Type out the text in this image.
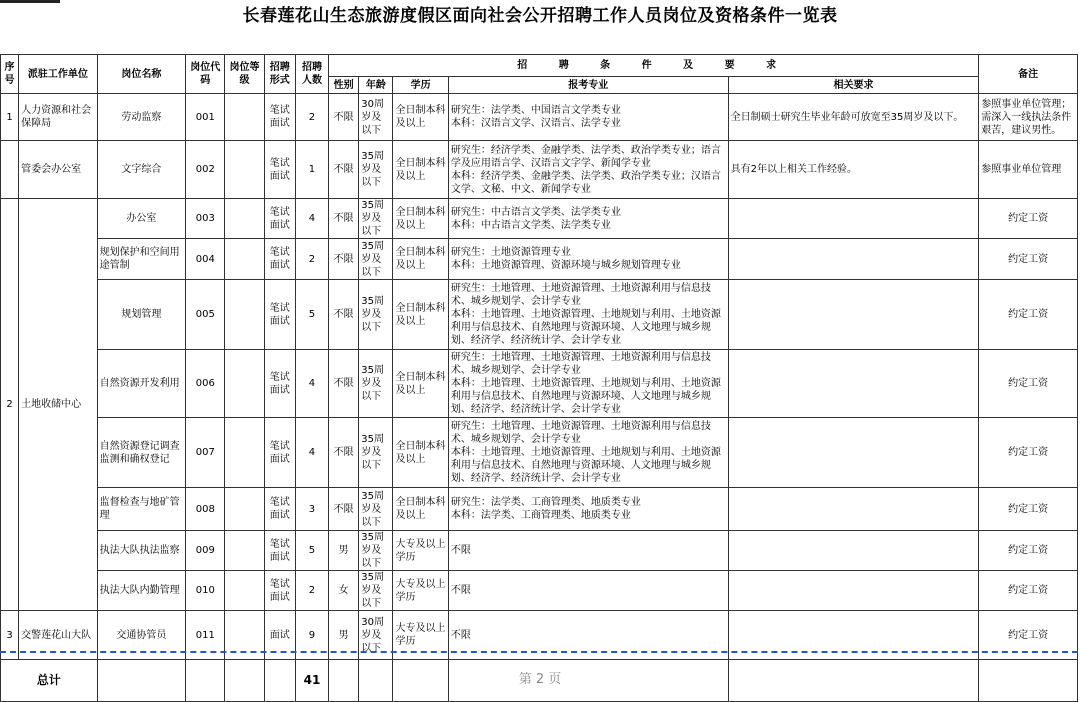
长春莲花山生态旅游度假区面向社会公开招聘工作人员岗位及资格条件一览表
序号	派驻工作单位	岗位名称	岗位代码	岗位等级	招聘形式	招聘人数	招 聘 条 件 及 要 求					备注
							性别	年龄	学历	报考专业	相关要求	
1	人力资源和社会保障局	劳动监察	001		笔试面试	2	不限	30周岁及以下	全日制本科及以上	研究生：法学类、中国语言文学类专业
本科：汉语言文学、汉语言、法学专业	全日制硕士研究生毕业年龄可放宽至35周岁及以下。	参照事业单位管理；需深入一线执法条件艰苦，建议男性。
	管委会办公室	文字综合	002		笔试面试	1	不限	35周岁及以下	全日制本科及以上	研究生：经济学类、金融学类、法学类、政治学类专业；语言学及应用语言学、汉语言文字学、新闻学专业
本科：经济学类、金融学类、法学类、政治学类专业；汉语言文学、文秘、中文、新闻学专业	具有2年以上相关工作经验。	参照事业单位管理
2	土地收储中心	办公室	003		笔试面试	4	不限	35周岁及以下	全日制本科及以上	研究生：中古语言文学类、法学类专业
本科：中古语言文学类、法学类专业		约定工资
		规划保护和空间用途管制	004		笔试面试	2	不限	35周岁及以下	全日制本科及以上	研究生：土地资源管理专业
本科：土地资源管理、资源环境与城乡规划管理专业		约定工资
		规划管理	005		笔试面试	5	不限	35周岁及以下	全日制本科及以上	研究生：土地管理、土地资源管理、土地资源利用与信息技术、城乡规划学、会计学专业
本科：土地管理、土地资源管理、土地规划与利用、土地资源利用与信息技术、自然地理与资源环境、人文地理与城乡规划、经济学、经济统计学、会计学专业		约定工资
		自然资源开发利用	006		笔试面试	4	不限	35周岁及以下	全日制本科及以上	研究生：土地管理、土地资源管理、土地资源利用与信息技术、城乡规划学、会计学专业
本科：土地管理、土地资源管理、土地规划与利用、土地资源利用与信息技术、自然地理与资源环境、人文地理与城乡规划、经济学、经济统计学、会计学专业		约定工资
		自然资源登记调查监测和确权登记	007		笔试面试	4	不限	35周岁及以下	全日制本科及以上	研究生：土地管理、土地资源管理、土地资源利用与信息技术、城乡规划学、会计学专业
本科：土地管理、土地资源管理、土地规划与利用、土地资源利用与信息技术、自然地理与资源环境、人文地理与城乡规划、经济学、经济统计学、会计学专业		约定工资
		监督检查与地矿管理	008		笔试面试	3	不限	35周岁及以下	全日制本科及以上	研究生：法学类、工商管理类、地质类专业
本科：法学类、工商管理类、地质类专业		约定工资
		执法大队执法监察	009		笔试面试	5	男	35周岁及以下	大专及以上学历	不限		约定工资
		执法大队内勤管理	010		笔试面试	2	女	35周岁及以下	大专及以上学历	不限		约定工资
3	交警莲花山大队	交通协管员	011		面试	9	男	30周岁及以下	大专及以上学历	不限		约定工资
总计						41							第 2 页
